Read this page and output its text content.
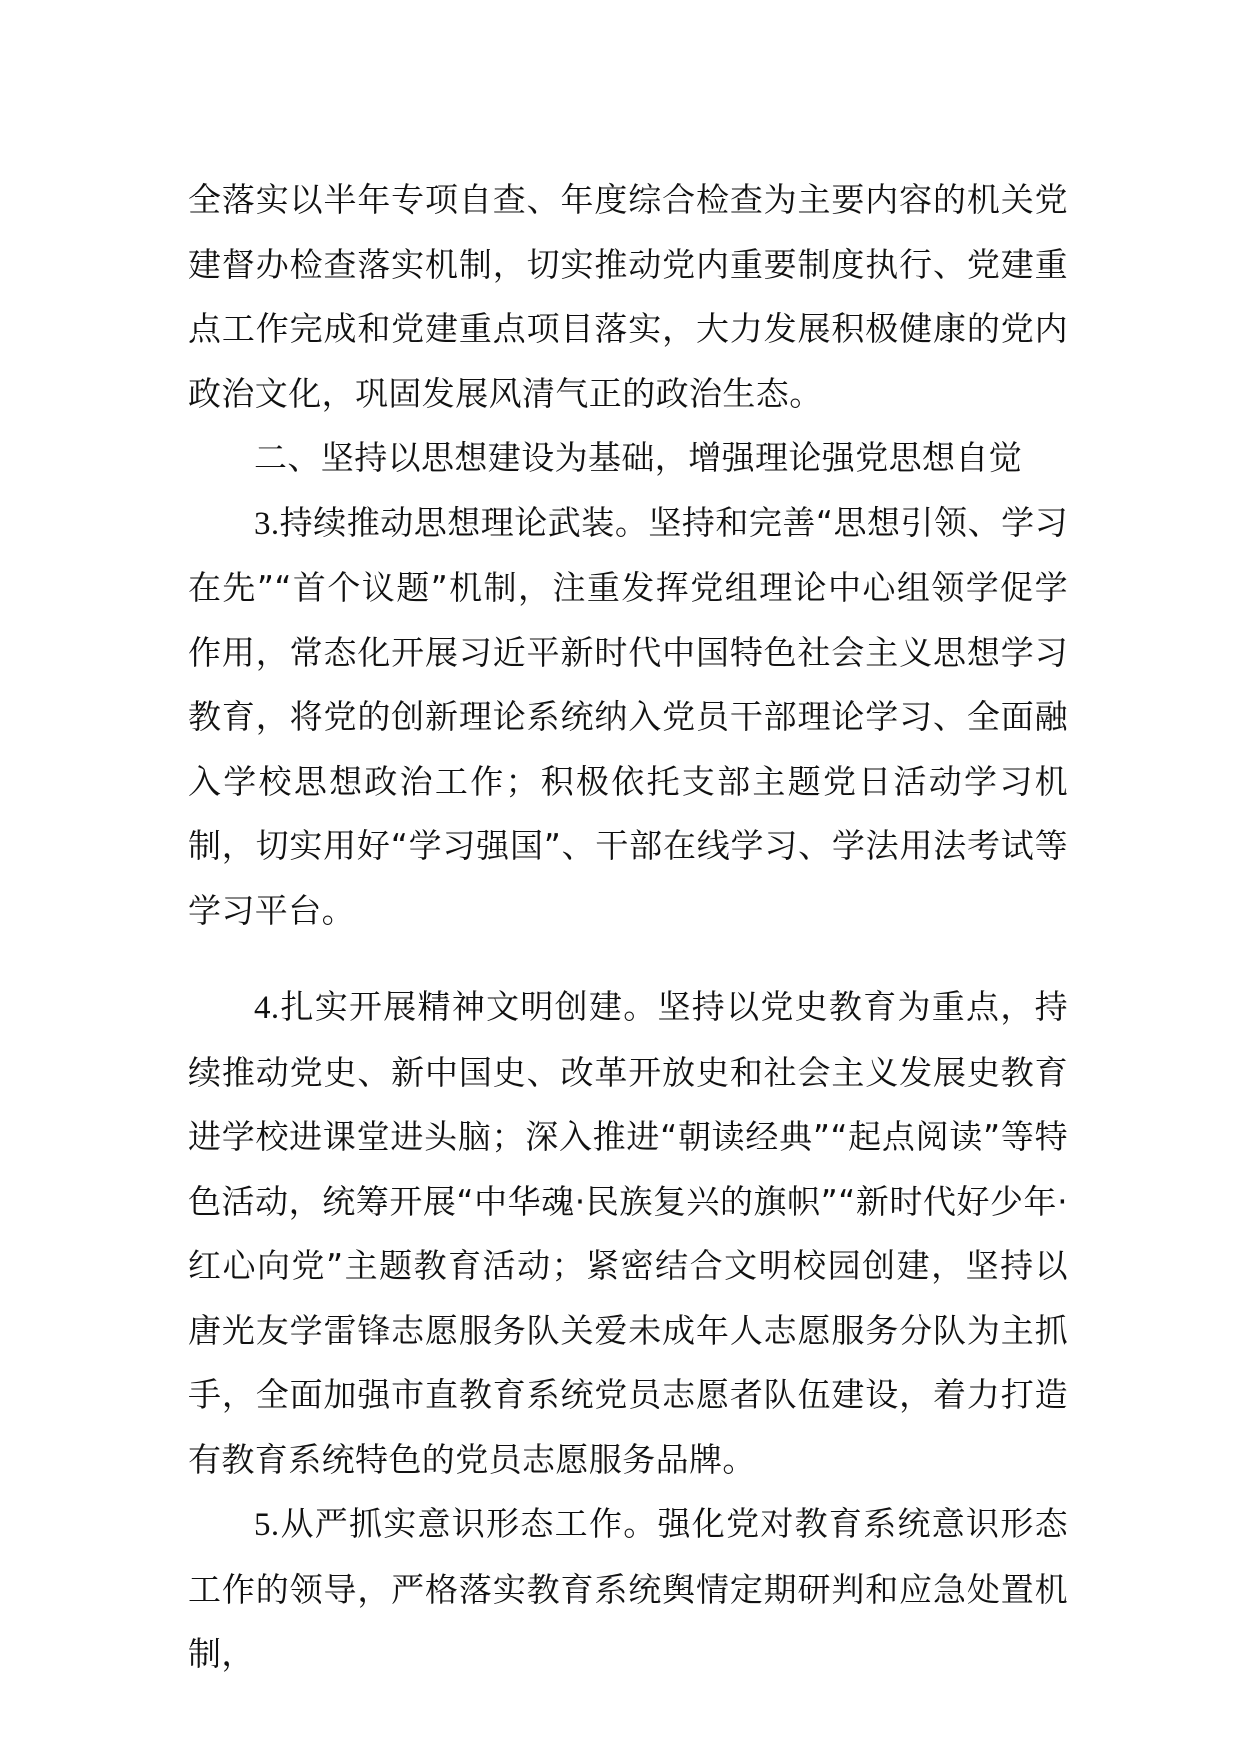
全落实以半年专项自查、年度综合检查为主要内容的机关党建督办检查落实机制，切实推动党内重要制度执行、党建重点工作完成和党建重点项目落实，大力发展积极健康的党内政治文化，巩固发展风清气正的政治生态。

二、坚持以思想建设为基础，增强理论强党思想自觉

3.持续推动思想理论武装。坚持和完善“思想引领、学习在先”“首个议题”机制，注重发挥党组理论中心组领学促学作用，常态化开展习近平新时代中国特色社会主义思想学习教育，将党的创新理论系统纳入党员干部理论学习、全面融入学校思想政治工作；积极依托支部主题党日活动学习机制，切实用好“学习强国”、干部在线学习、学法用法考试等学习平台。

4.扎实开展精神文明创建。坚持以党史教育为重点，持续推动党史、新中国史、改革开放史和社会主义发展史教育进学校进课堂进头脑；深入推进“朝读经典”“起点阅读”等特色活动，统筹开展“中华魂·民族复兴的旗帜”“新时代好少年·红心向党”主题教育活动；紧密结合文明校园创建，坚持以唐光友学雷锋志愿服务队关爱未成年人志愿服务分队为主抓手，全面加强市直教育系统党员志愿者队伍建设，着力打造有教育系统特色的党员志愿服务品牌。

5.从严抓实意识形态工作。强化党对教育系统意识形态工作的领导，严格落实教育系统舆情定期研判和应急处置机制，
